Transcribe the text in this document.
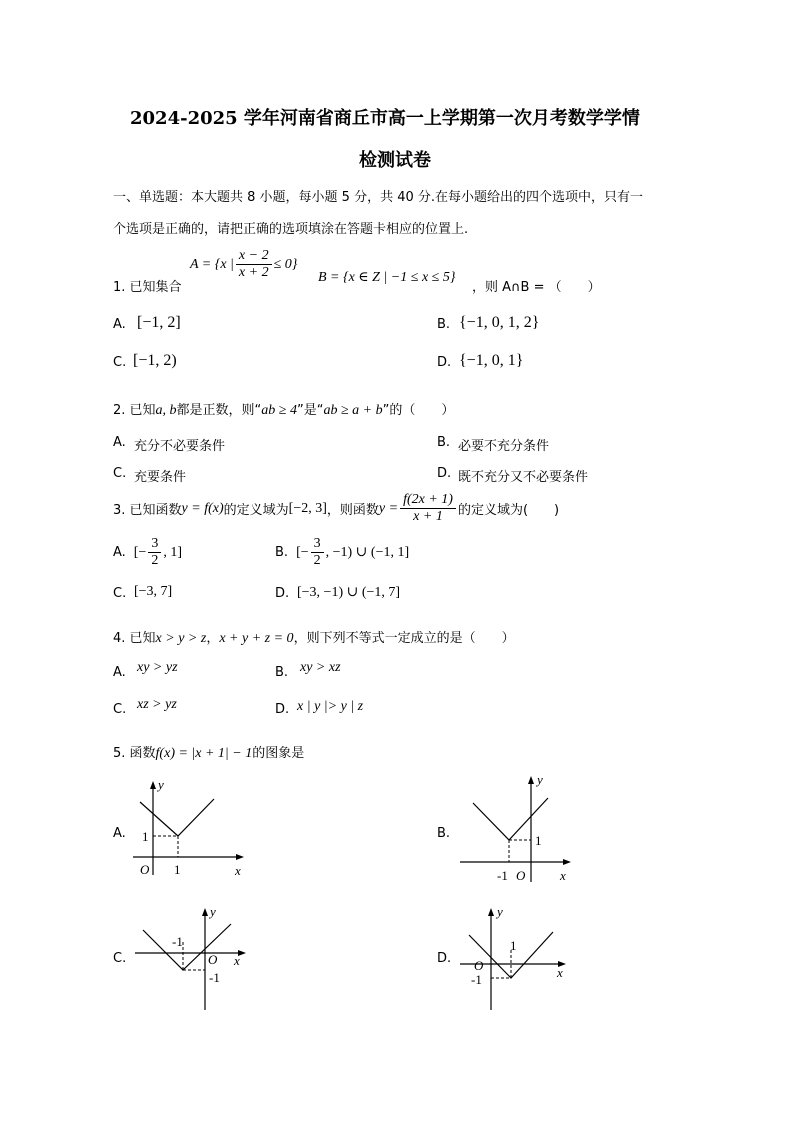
2024-2025 学年河南省商丘市高一上学期第一次月考数学学情
检测试卷
一、单选题：本大题共 8 小题，每小题 5 分，共 40 分.在每小题给出的四个选项中，只有一
个选项是正确的，请把正确的选项填涂在答题卡相应的位置上.
1. 已知集合
A = {x | $\frac{x - 2}{x + 2} \le 0$}
B = {x ∈ Z | −1 ≤ x ≤ 5}
，则 A∩B = （　　）
A. [−1, 2]	B. {−1, 0, 1, 2}
C. [−1, 2)	D. {−1, 0, 1}
2. 已知 a, b 都是正数，则“ ab ≥ 4 ”是“ ab ≥ a + b ”的（　　）
A. 充分不必要条件	B. 必要不充分条件
C. 充要条件	D. 既不充分又不必要条件
3. 已知函数 y = f(x) 的定义域为 [−2, 3] ，则函数 $y = \frac{f(2x + 1)}{x + 1}$ 的定义域为(　　)
A. [− $\frac{3}{2}$ , 1]	B. [− $\frac{3}{2}$ , −1) ∪ (−1, 1]
C. [−3, 7]	D. [−3, −1) ∪ (−1, 7]
4. 已知 x > y > z ， x + y + z = 0 ，则下列不等式一定成立的是（　　）
A. xy > yz	B. xy > xz
C. xz > yz	D. x | y |> y | z
5. 函数 f(x) = |x + 1| − 1 的图象是
A.
y
x
O 1
1	B.
y
x
O
-1
1
C.
y
x
O
-1
-1
D.
y
x
O
1
-1
